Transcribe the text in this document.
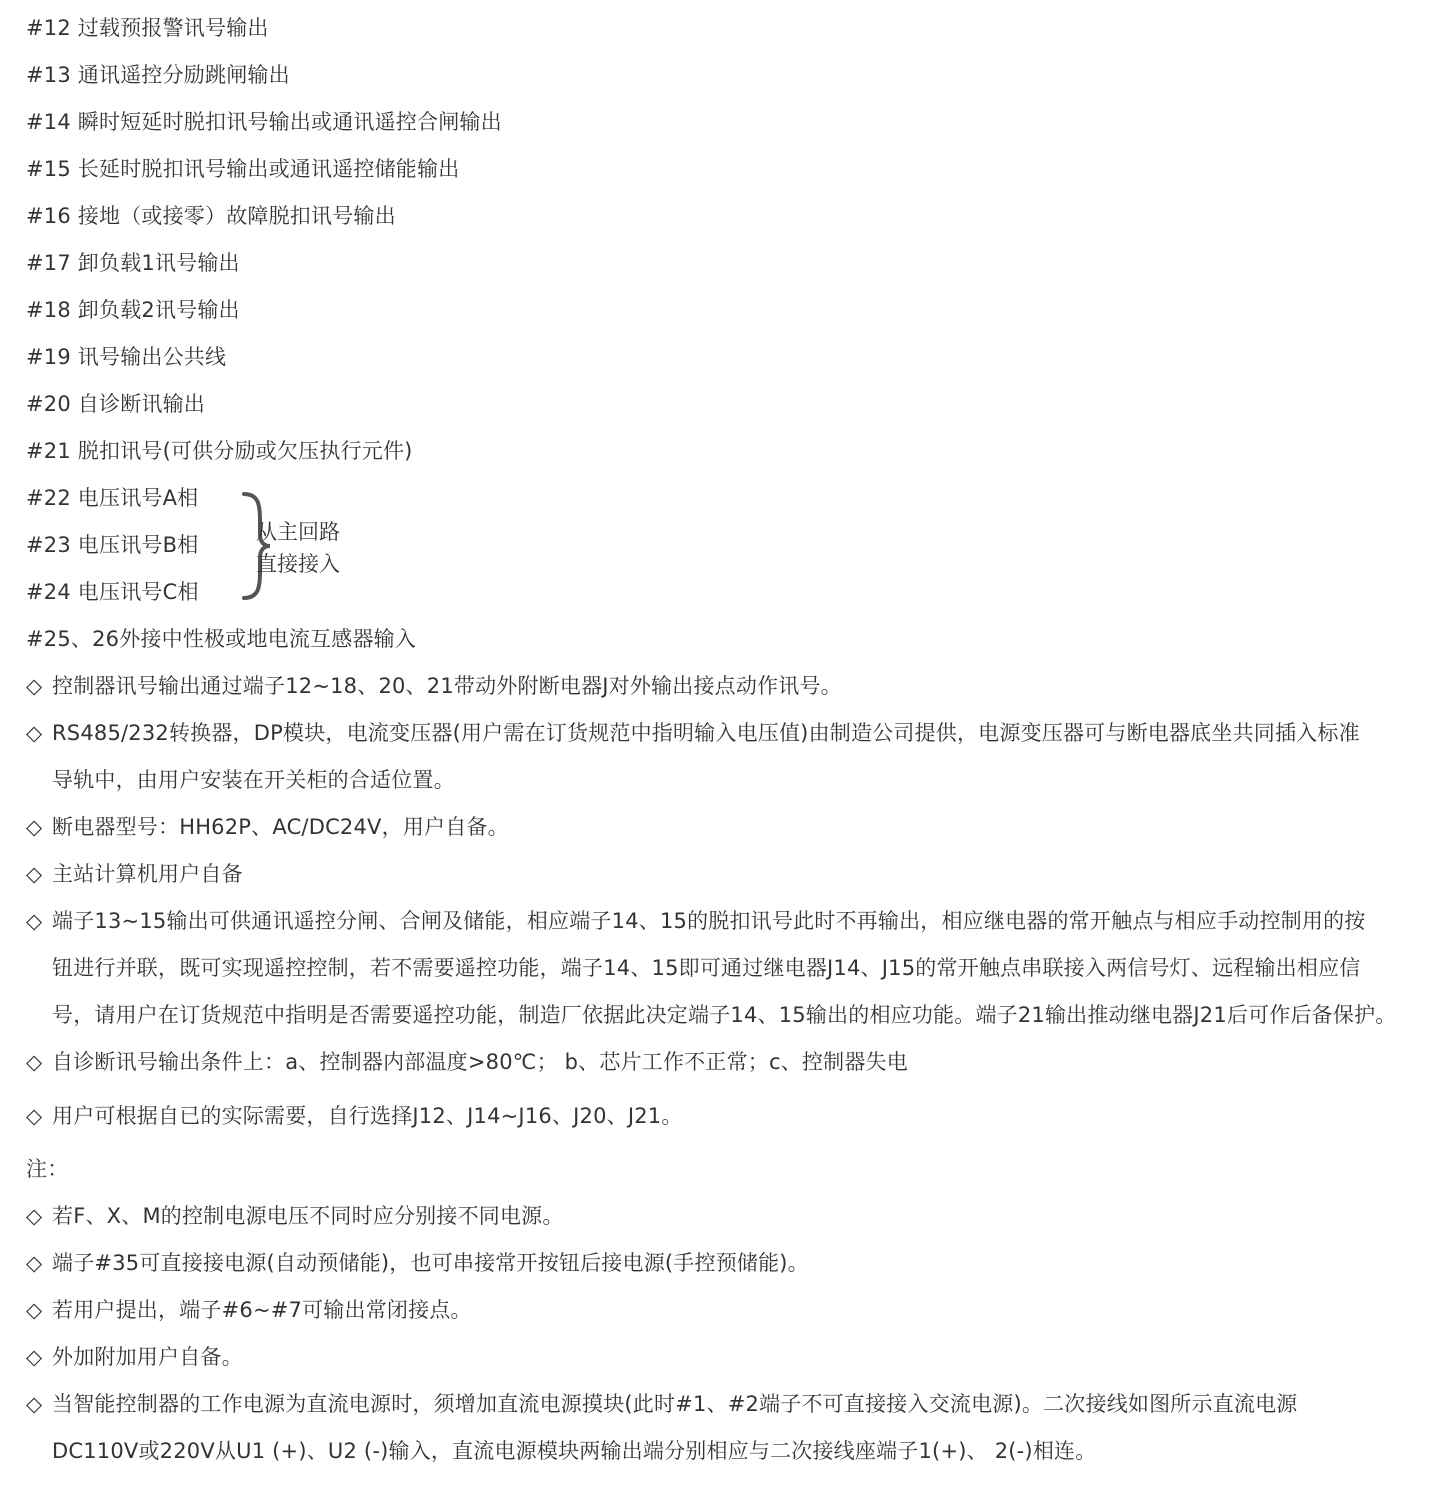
#12 过载预报警讯号输出
#13 通讯遥控分励跳闸输出
#14 瞬时短延时脱扣讯号输出或通讯遥控合闸输出
#15 长延时脱扣讯号输出或通讯遥控储能输出
#16 接地（或接零）故障脱扣讯号输出
#17 卸负载1讯号输出
#18 卸负载2讯号输出
#19 讯号输出公共线
#20 自诊断讯输出
#21 脱扣讯号(可供分励或欠压执行元件)
#22 电压讯号A相
#23 电压讯号B相
#24 电压讯号C相
从主回路
直接接入
#25、26外接中性极或地电流互感器输入
◇ 控制器讯号输出通过端子12~18、20、21带动外附断电器J对外输出接点动作讯号。
◇ RS485/232转换器，DP模块，电流变压器(用户需在订货规范中指明输入电压值)由制造公司提供，电源变压器可与断电器底坐共同插入标准
导轨中，由用户安装在开关柜的合适位置。
◇ 断电器型号：HH62P、AC/DC24V，用户自备。
◇ 主站计算机用户自备
◇ 端子13~15输出可供通讯遥控分闸、合闸及储能，相应端子14、15的脱扣讯号此时不再输出，相应继电器的常开触点与相应手动控制用的按
钮进行并联，既可实现遥控控制，若不需要遥控功能，端子14、15即可通过继电器J14、J15的常开触点串联接入两信号灯、远程输出相应信
号，请用户在订货规范中指明是否需要遥控功能，制造厂依据此决定端子14、15输出的相应功能。端子21输出推动继电器J21后可作后备保护。
◇ 自诊断讯号输出条件上：a、控制器内部温度>80℃； b、芯片工作不正常；c、控制器失电
◇ 用户可根据自已的实际需要，自行选择J12、J14~J16、J20、J21。
注：
◇ 若F、X、M的控制电源电压不同时应分别接不同电源。
◇ 端子#35可直接接电源(自动预储能)，也可串接常开按钮后接电源(手控预储能)。
◇ 若用户提出，端子#6~#7可输出常闭接点。
◇ 外加附加用户自备。
◇ 当智能控制器的工作电源为直流电源时，须增加直流电源摸块(此时#1、#2端子不可直接接入交流电源)。二次接线如图所示直流电源
DC110V或220V从U1 (+)、U2 (-)输入，直流电源模块两输出端分别相应与二次接线座端子1(+)、 2(-)相连。
